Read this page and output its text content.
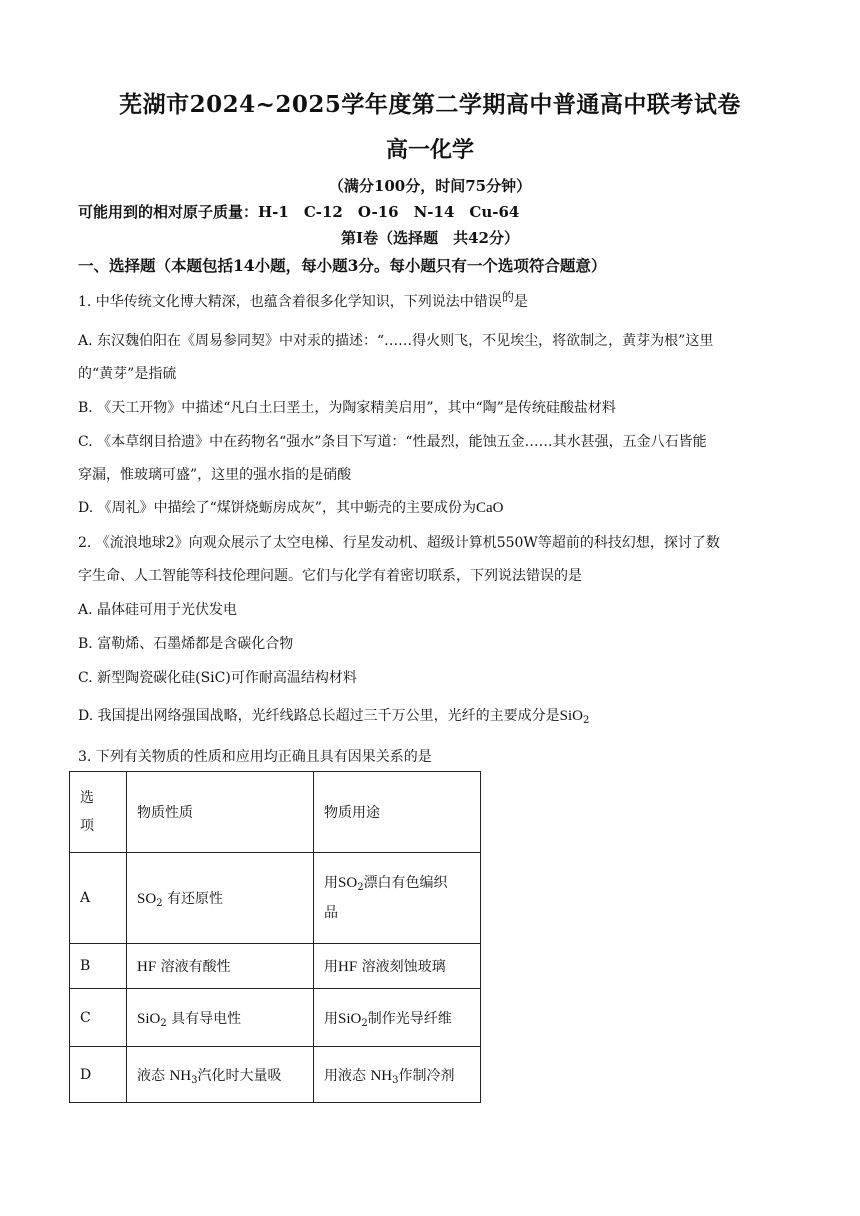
芜湖市2024~2025学年度第二学期高中普通高中联考试卷
高一化学
（满分100分，时间75分钟）
可能用到的相对原子质量：H-1　C-12　O-16　N-14　Cu-64
第Ⅰ卷（选择题　共42分）
一、选择题（本题包括14小题，每小题3分。每小题只有一个选项符合题意）
1. 中华传统文化博大精深，也蕴含着很多化学知识，下列说法中错误的是
A. 东汉魏伯阳在《周易参同契》中对汞的描述：“……得火则飞，不见埃尘，将欲制之，黄芽为根”这里
的“黄芽”是指硫
B. 《天工开物》中描述“凡白土曰垩土，为陶家精美启用”，其中“陶”是传统硅酸盐材料
C. 《本草纲目拾遗》中在药物名“强水”条目下写道：“性最烈，能蚀五金……其水甚强，五金八石皆能
穿漏，惟玻璃可盛”，这里的强水指的是硝酸
D. 《周礼》中描绘了“煤饼烧蛎房成灰”，其中蛎壳的主要成份为CaO
2. 《流浪地球2》向观众展示了太空电梯、行星发动机、超级计算机550W等超前的科技幻想，探讨了数
字生命、人工智能等科技伦理问题。它们与化学有着密切联系，下列说法错误的是
A. 晶体硅可用于光伏发电
B. 富勒烯、石墨烯都是含碳化合物
C. 新型陶瓷碳化硅(SiC)可作耐高温结构材料
D. 我国提出网络强国战略，光纤线路总长超过三千万公里，光纤的主要成分是SiO$_2$
3. 下列有关物质的性质和应用均正确且具有因果关系的是
选
项	物质性质	物质用途
A	$SO_2$ 有还原性	用$SO_2$漂白有色编织
品

B	HF 溶液有酸性	用HF 溶液刻蚀玻璃
C	SiO$_2$ 具有导电性	用SiO$_2$制作光导纤维
D	液态 $NH_3$汽化时大量吸	用液态 $NH_3$作制冷剂
